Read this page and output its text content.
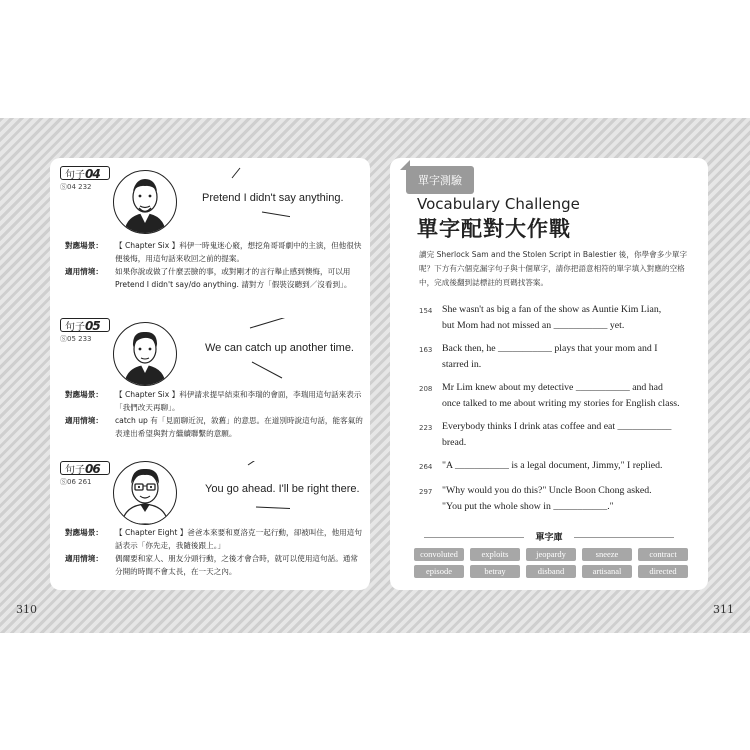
句子04
Ⓢ04 232
Pretend I didn't say anything.
對應場景：	【 Chapter Six 】科伊一時鬼迷心竅，想挖角哥哥劇中的主演，但他很快便後悔，用這句話來收回之前的提案。
適用情境：	如果你說或做了什麼丟臉的事，或對剛才的言行舉止感到懊悔，可以用 Pretend I didn't say/do anything. 請對方「假裝沒聽到／沒看到」。
句子05
Ⓢ05 233
We can catch up another time.
對應場景：	【 Chapter Six 】科伊請求提早結束和李瑞的會面，李瑞用這句話來表示「我們改天再聊」。
適用情境：	catch up 有「見面聊近況，敘舊」的意思。在道別時說這句話，能客氣的表達出希望與對方繼續聯繫的意願。
句子06
Ⓢ06 261
You go ahead. I'll be right there.
對應場景：	【 Chapter Eight 】爸爸本來要和夏洛克一起行動，卻被叫住，他用這句話表示「你先走，我隨後跟上。」
適用情境：	偶爾要和家人、朋友分頭行動，之後才會合時，就可以使用這句話。通常分開的時間不會太長，在一天之內。
單字測驗
Vocabulary Challenge
單字配對大作戰
讀完 Sherlock Sam and the Stolen Script in Balestier 後，你學會多少單字呢？下方有六個克漏字句子與十個單字，請你把語意相符的單字填入對應的空格中，完成後翻到誌標註的頁碼找答案。
154 She wasn't as big a fan of the show as Auntie Kim Lian,
but Mom had not missed an ___________ yet.
163 Back then, he ___________ plays that your mom and I
starred in.
208 Mr Lim knew about my detective ___________ and had
once talked to me about writing my stories for English class.
223 Everybody thinks I drink atas coffee and eat ___________
bread.
264 "A ___________ is a legal document, Jimmy," I replied.
297 "Why would you do this?" Uncle Boon Chong asked.
"You put the whole show in ___________."
單字庫
convoluted	exploits	jeopardy	sneeze	contract
episode	betray	disband	artisanal	directed
310	311
